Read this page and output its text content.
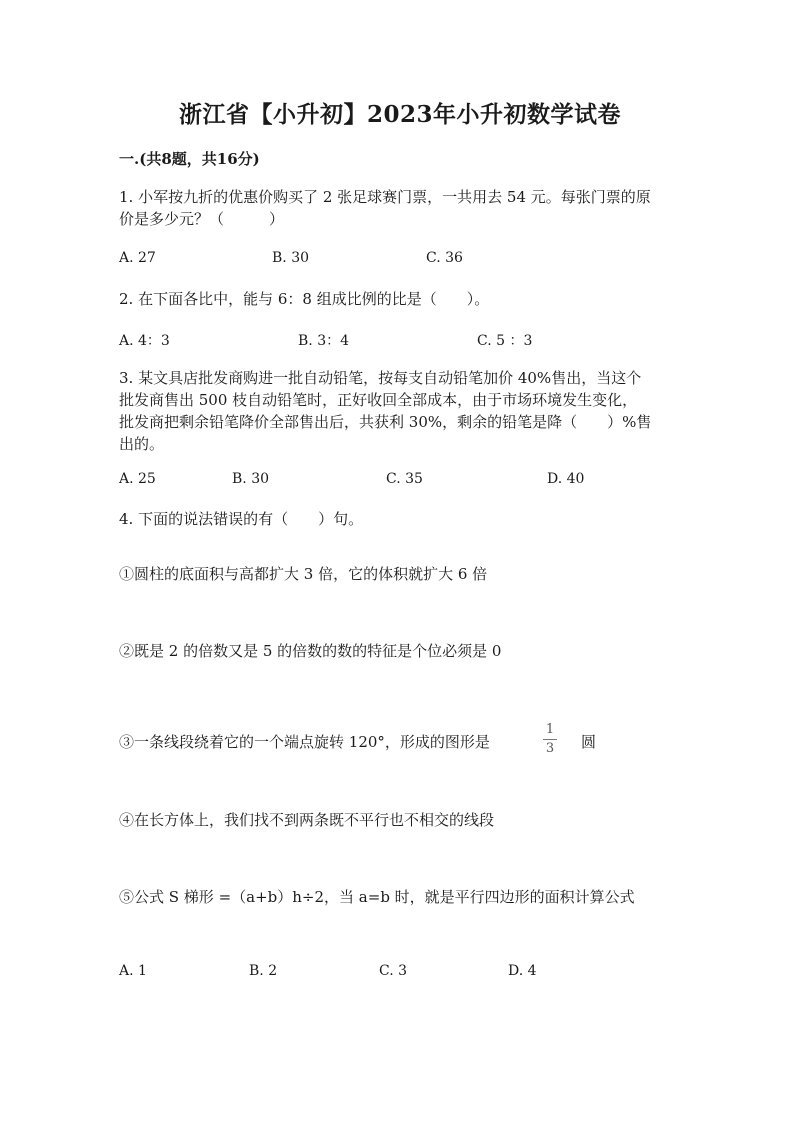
浙江省【小升初】2023年小升初数学试卷
一.(共8题，共16分)
1. 小军按九折的优惠价购买了 2 张足球赛门票，一共用去 54 元。每张门票的原
价是多少元？（　　　）
A. 27	B. 30	C. 36
2. 在下面各比中，能与 6：8 组成比例的比是（　　）。
A. 4：3	B. 3：4	C. 5 ：3
3. 某文具店批发商购进一批自动铅笔，按每支自动铅笔加价 40%售出，当这个
批发商售出 500 枝自动铅笔时，正好收回全部成本，由于市场环境发生变化，
批发商把剩余铅笔降价全部售出后，共获利 30%，剩余的铅笔是降（　　）%售
出的。
A. 25	B. 30	C. 35	D. 40
4. 下面的说法错误的有（　　）句。
①圆柱的底面积与高都扩大 3 倍，它的体积就扩大 6 倍
②既是 2 的倍数又是 5 的倍数的数的特征是个位必须是 0
③一条线段绕着它的一个端点旋转 120°，形成的图形是
1
3	圆
④在长方体上，我们找不到两条既不平行也不相交的线段
⑤公式 S 梯形 =（a+b）h÷2，当 a=b 时，就是平行四边形的面积计算公式
A. 1	B. 2	C. 3	D. 4
